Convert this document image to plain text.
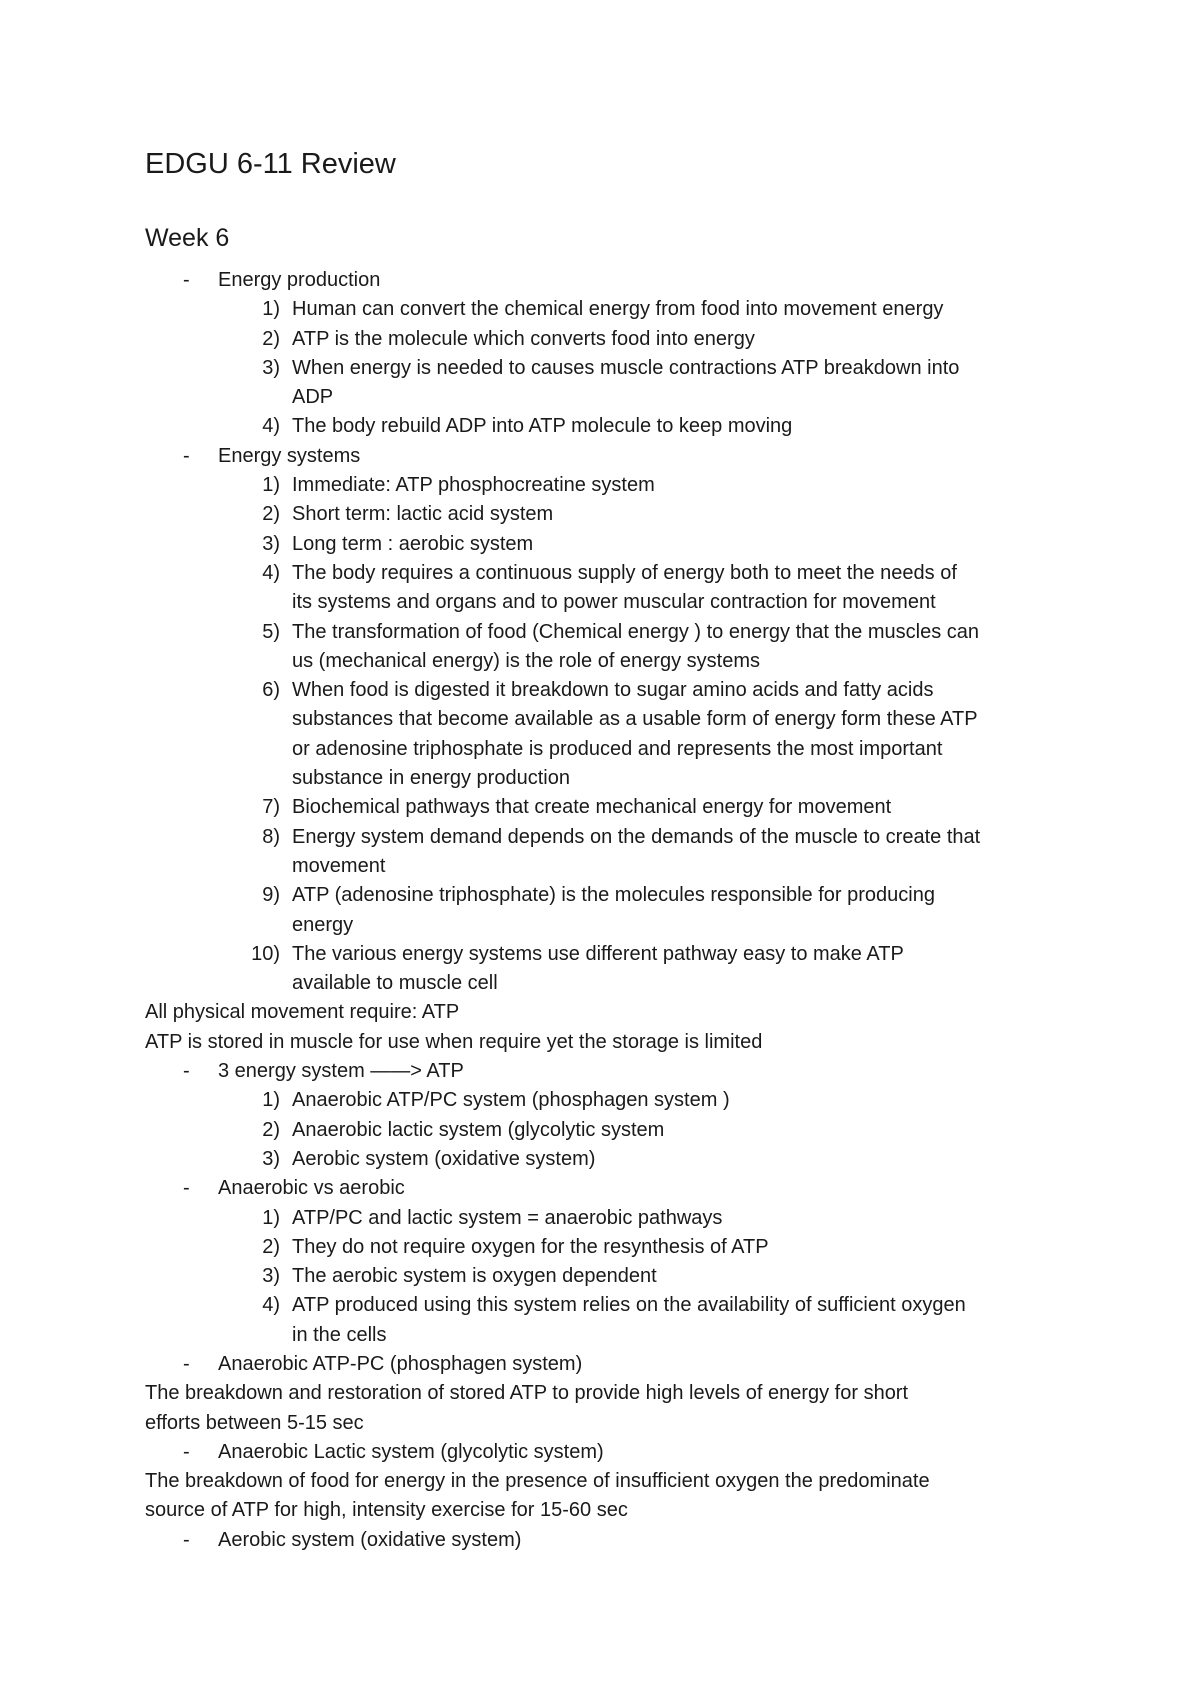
EDGU 6-11 Review
Week 6
- Energy production
1) Human can convert the chemical energy from food into movement energy
2) ATP is the molecule which converts food into energy
3) When energy is needed to causes muscle contractions ATP breakdown into
ADP
4) The body rebuild ADP into ATP molecule to keep moving
- Energy systems
1) Immediate: ATP phosphocreatine system
2) Short term: lactic acid system
3) Long term : aerobic system
4) The body requires a continuous supply of energy both to meet the needs of
its systems and organs and to power muscular contraction for movement
5) The transformation of food (Chemical energy ) to energy that the muscles can
us (mechanical energy) is the role of energy systems
6) When food is digested it breakdown to sugar amino acids and fatty acids
substances that become available as a usable form of energy form these ATP
or adenosine triphosphate is produced and represents the most important
substance in energy production
7) Biochemical pathways that create mechanical energy for movement
8) Energy system demand depends on the demands of the muscle to create that
movement
9) ATP (adenosine triphosphate) is the molecules responsible for producing
energy
10) The various energy systems use different pathway easy to make ATP
available to muscle cell
All physical movement require: ATP
ATP is stored in muscle for use when require yet the storage is limited
- 3 energy system ——> ATP
1) Anaerobic ATP/PC system (phosphagen system )
2) Anaerobic lactic system (glycolytic system
3) Aerobic system (oxidative system)
- Anaerobic vs aerobic
1) ATP/PC and lactic system = anaerobic pathways
2) They do not require oxygen for the resynthesis of ATP
3) The aerobic system is oxygen dependent
4) ATP produced using this system relies on the availability of sufficient oxygen
in the cells
- Anaerobic ATP-PC (phosphagen system)
The breakdown and restoration of stored ATP to provide high levels of energy for short
efforts between 5-15 sec
- Anaerobic Lactic system (glycolytic system)
The breakdown of food for energy in the presence of insufficient oxygen the predominate
source of ATP for high, intensity exercise for 15-60 sec
- Aerobic system (oxidative system)
